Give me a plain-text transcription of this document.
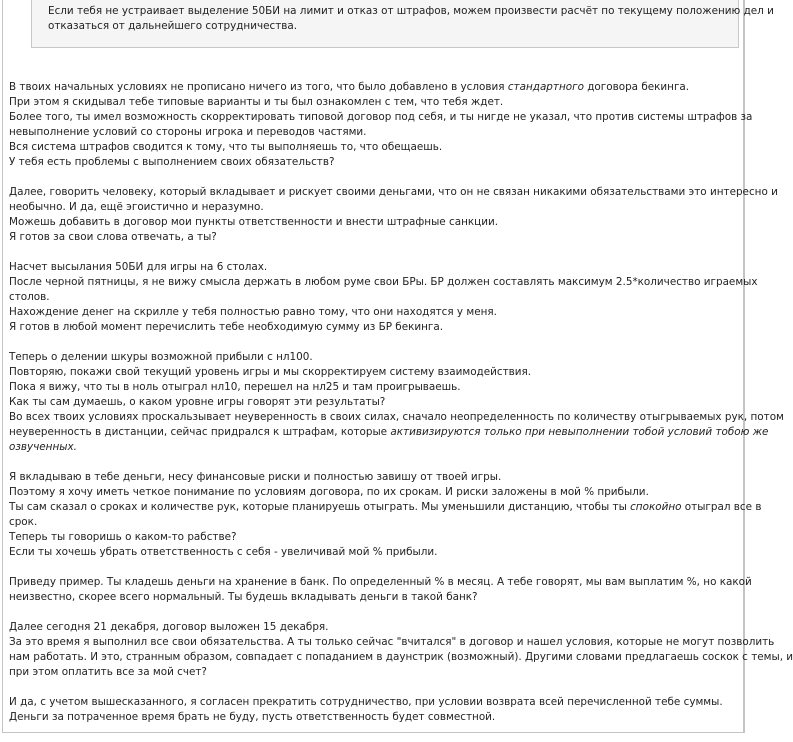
Если тебя не устраивает выделение 50БИ на лимит и отказ от штрафов, можем произвести расчёт по текущему положению дел и
отказаться от дальнейшего сотрудничества.
В твоих начальных условиях не прописано ничего из того, что было добавлено в условия стандартного договора бекинга.
При этом я скидывал тебе типовые варианты и ты был ознакомлен с тем, что тебя ждет.
Более того, ты имел возможность скорректировать типовой договор под себя, и ты нигде не указал, что против системы штрафов за
невыполнение условий со стороны игрока и переводов частями.
Вся система штрафов сводится к тому, что ты выполняешь то, что обещаешь.
У тебя есть проблемы с выполнением своих обязательств?
Далее, говорить человеку, который вкладывает и рискует своими деньгами, что он не связан никакими обязательствами это интересно и
необычно. И да, ещё эгоистично и неразумно.
Можешь добавить в договор мои пункты ответственности и внести штрафные санкции.
Я готов за свои слова отвечать, а ты?
Насчет высылания 50БИ для игры на 6 столах.
После черной пятницы, я не вижу смысла держать в любом руме свои БРы. БР должен составлять максимум 2.5*количество играемых
столов.
Нахождение денег на скрилле у тебя полностью равно тому, что они находятся у меня.
Я готов в любой момент перечислить тебе необходимую сумму из БР бекинга.
Теперь о делении шкуры возможной прибыли с нл100.
Повторяю, покажи свой текущий уровень игры и мы скорректируем систему взаимодействия.
Пока я вижу, что ты в ноль отыграл нл10, перешел на нл25 и там проигрываешь.
Как ты сам думаешь, о каком уровне игры говорят эти результаты?
Во всех твоих условиях проскальзывает неуверенность в своих силах, сначало неопределенность по количеству отыгрываемых рук, потом
неуверенность в дистанции, сейчас придрался к штрафам, которые активизируются только при невыполнении тобой условий тобою же
озвученных.
Я вкладываю в тебе деньги, несу финансовые риски и полностью завишу от твоей игры.
Поэтому я хочу иметь четкое понимание по условиям договора, по их срокам. И риски заложены в мой % прибыли.
Ты сам сказал о сроках и количестве рук, которые планируешь отыграть. Мы уменьшили дистанцию, чтобы ты спокойно отыграл все в
срок.
Теперь ты говоришь о каком-то рабстве?
Если ты хочешь убрать ответственность с себя - увеличивай мой % прибыли.
Приведу пример. Ты кладешь деньги на хранение в банк. По определенный % в месяц. А тебе говорят, мы вам выплатим %, но какой
неизвестно, скорее всего нормальный. Ты будешь вкладывать деньги в такой банк?
Далее сегодня 21 декабря, договор выложен 15 декабря.
За это время я выполнил все свои обязательства. А ты только сейчас "вчитался" в договор и нашел условия, которые не могут позволить
нам работать. И это, странным образом, совпадает с попаданием в даунстрик (возможный). Другими словами предлагаешь соскок с темы, и
при этом оплатить все за мой счет?
И да, с учетом вышесказанного, я согласен прекратить сотрудничество, при условии возврата всей перечисленной тебе суммы.
Деньги за потраченное время брать не буду, пусть ответственность будет совместной.
